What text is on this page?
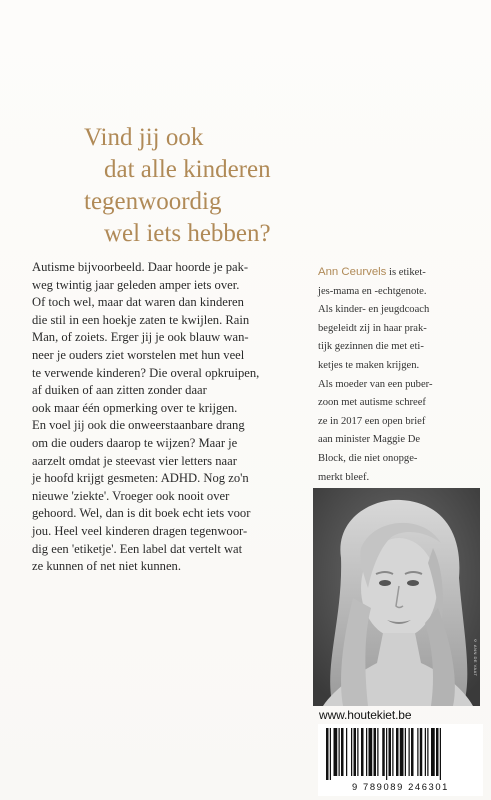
Vind jij ook
dat alle kinderen
tegenwoordig
wel iets hebben?
Autisme bijvoorbeeld. Daar hoorde je pak-
weg twintig jaar geleden amper iets over.
Of toch wel, maar dat waren dan kinderen
die stil in een hoekje zaten te kwijlen. Rain
Man, of zoiets. Erger jij je ook blauw wan-
neer je ouders ziet worstelen met hun veel
te verwende kinderen? Die overal opkruipen,
af duiken of aan zitten zonder daar
ook maar één opmerking over te krijgen.
En voel jij ook die onweerstaanbare drang
om die ouders daarop te wijzen? Maar je
aarzelt omdat je steevast vier letters naar
je hoofd krijgt gesmeten: ADHD. Nog zo'n
nieuwe 'ziekte'. Vroeger ook nooit over
gehoord. Wel, dan is dit boek echt iets voor
jou. Heel veel kinderen dragen tegenwoor-
dig een 'etiketje'. Een label dat vertelt wat
ze kunnen of net niet kunnen.
Ann Ceurvels is etiket-
jes-mama en -echtgenote.
Als kinder- en jeugdcoach
begeleidt zij in haar prak-
tijk gezinnen die met eti-
ketjes te maken krijgen.
Als moeder van een puber-
zoon met autisme schreef
ze in 2017 een open brief
aan minister Maggie De
Block, die niet onopge-
merkt bleef.
© ANN DE VAAT
www.houtekiet.be
9 789089 246301
